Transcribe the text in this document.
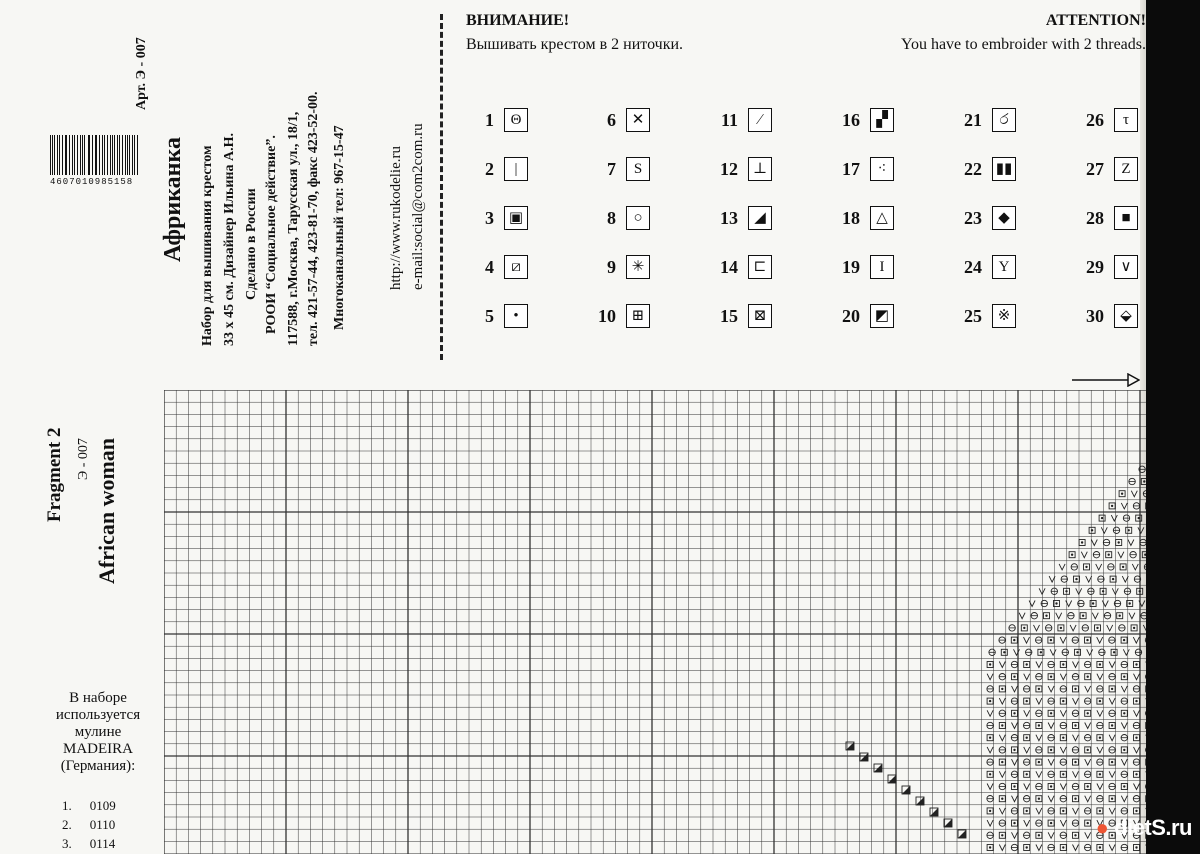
Арт. Э - 007
Африканка Набор для вышивания крестом 33 х 45 см. Дизайнер Ильина А.Н. Сделано в России РООИ “Социальное действие”. 117588, г.Москва, Тарусская ул., 18/1, тел. 421-57-44, 423-81-70, факс 423-52-00. Многоканальный тел: 967-15-47	http://www.rukodelie.ru e-mail:social@com2com.ru
4607010985158
ВНИМАНИЕ!
Вышивать крестом в 2 ниточки.
ATTENTION!
You have to embroider with 2 threads.
1	Θ
2	|
3 ▣
4	⧄
5	•
6	✕
7	S
8	○
9	✳
10	⊞
11	∕
12 ⊥
13	◢
14	⊏
15	⊠
16	▞
17	⁖
18	△
19	I
20 ◩
21	ර
22 ▮▮
23	◆
24	Y
25	※
26	τ
27	Z
28	■
29	∨
30	⬙
Fragment 2 Э - 007 African woman
В наборе используется мулине MADEIRA (Германия):
1. 0109
2. 0110
3. 0114
● dietS.ru
